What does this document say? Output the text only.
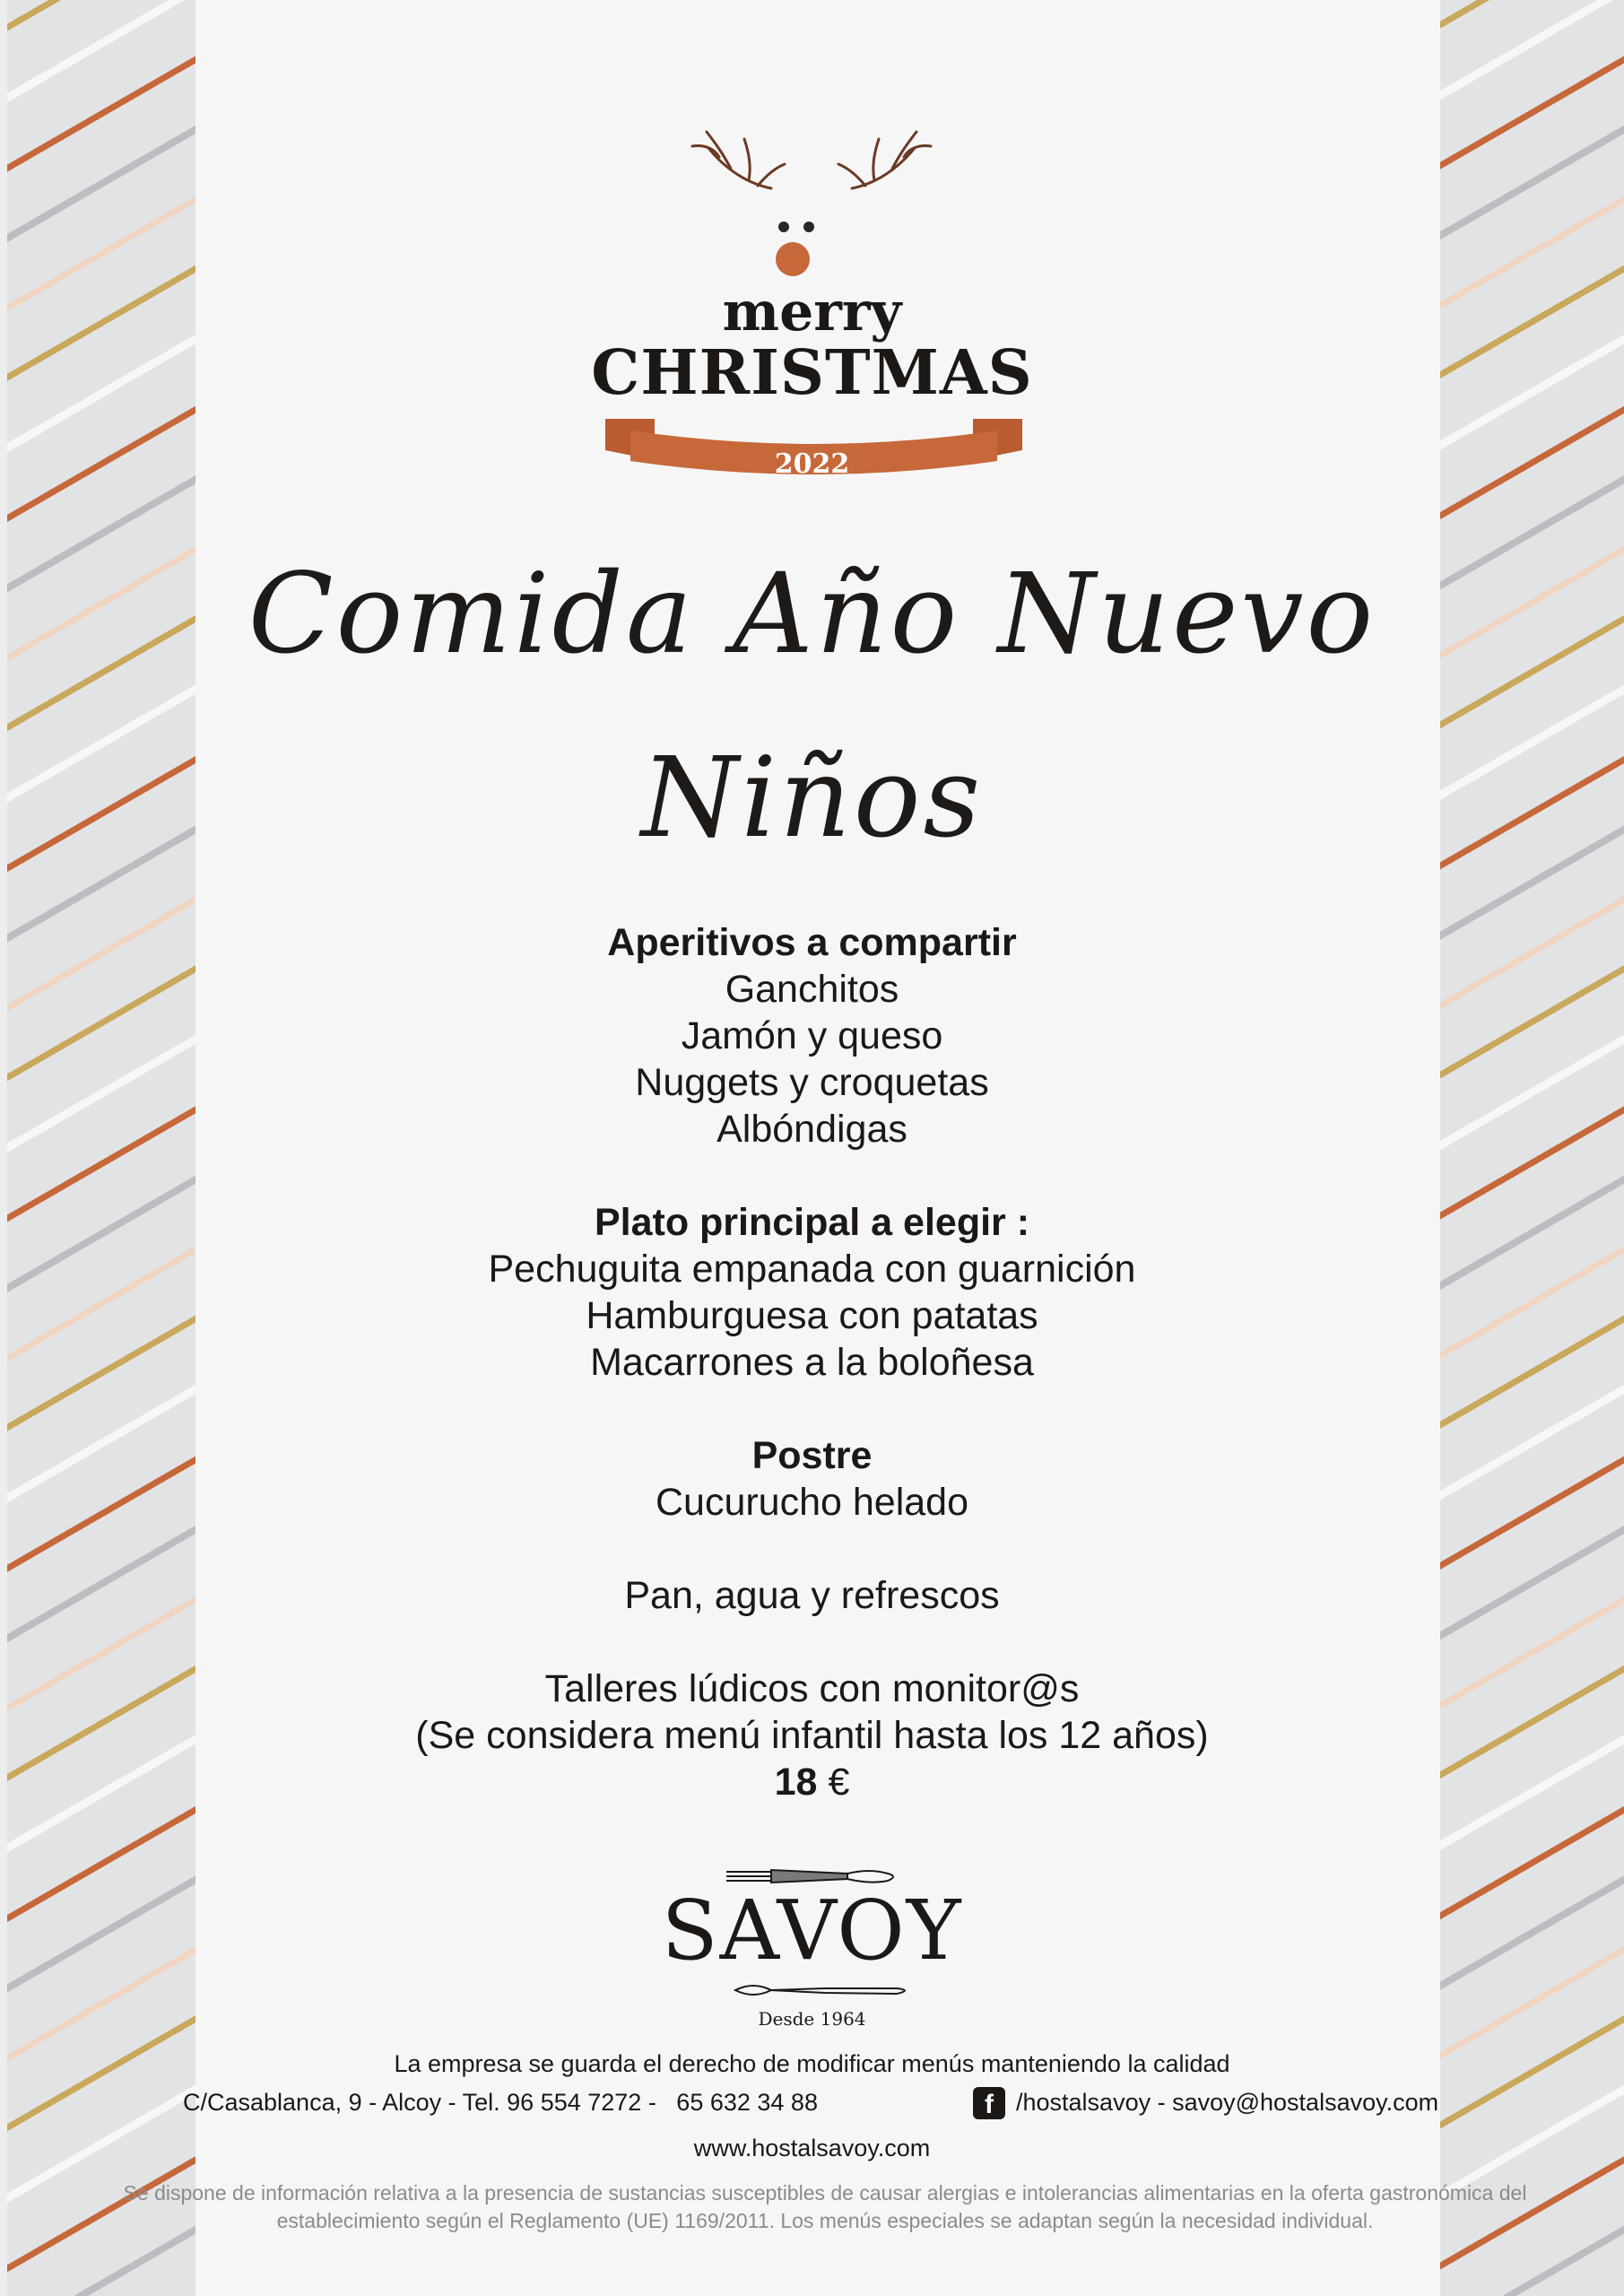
merry
CHRISTMAS
2022
Comida Año Nuevo
Niños
Aperitivos a compartir
Ganchitos
Jamón y queso
Nuggets y croquetas
Albóndigas

Plato principal a elegir :
Pechuguita empanada con guarnición
Hamburguesa con patatas
Macarrones a la boloñesa

Postre
Cucurucho helado

Pan, agua y refrescos

Talleres lúdicos con monitor@s
(Se considera menú infantil hasta los 12 años)
18 €
SAVOY
Desde 1964
La empresa se guarda el derecho de modificar menús manteniendo la calidad
C/Casablanca, 9 - Alcoy - Tel. 96 554 7272 -   65 632 34 88	f /hostalsavoy - savoy@hostalsavoy.com
www.hostalsavoy.com
Se dispone de información relativa a la presencia de sustancias susceptibles de causar alergias e intolerancias alimentarias en la oferta gastronómica del establecimiento según el Reglamento (UE) 1169/2011. Los menús especiales se adaptan según la necesidad individual.
